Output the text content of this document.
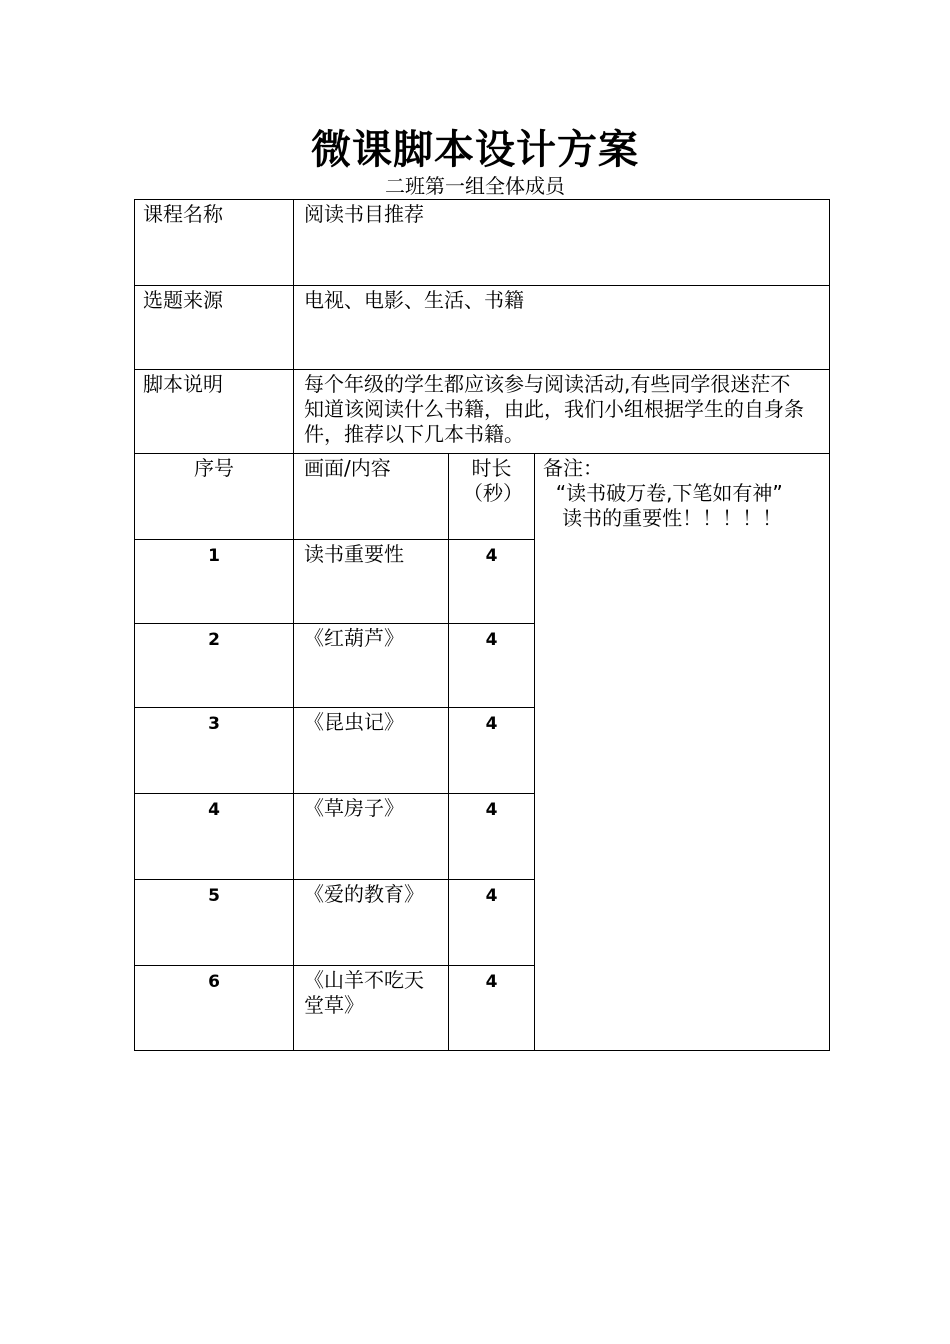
微课脚本设计方案
二班第一组全体成员
课程名称	阅读书目推荐		
选题来源	电视、电影、生活、书籍		
脚本说明	每个年级的学生都应该参与阅读活动,有些同学很迷茫不知道该阅读什么书籍，由此，我们小组根据学生的自身条件，推荐以下几本书籍。		
序号	画面/内容	时长（秒）	备注：
“读书破万卷,下笔如有神”
读书的重要性！！！！！

1	读书重要性	4	
2	《红葫芦》	4	
3	《昆虫记》	4	
4	《草房子》	4	
5	《爱的教育》	4	
6	《山羊不吃天堂草》	4	
